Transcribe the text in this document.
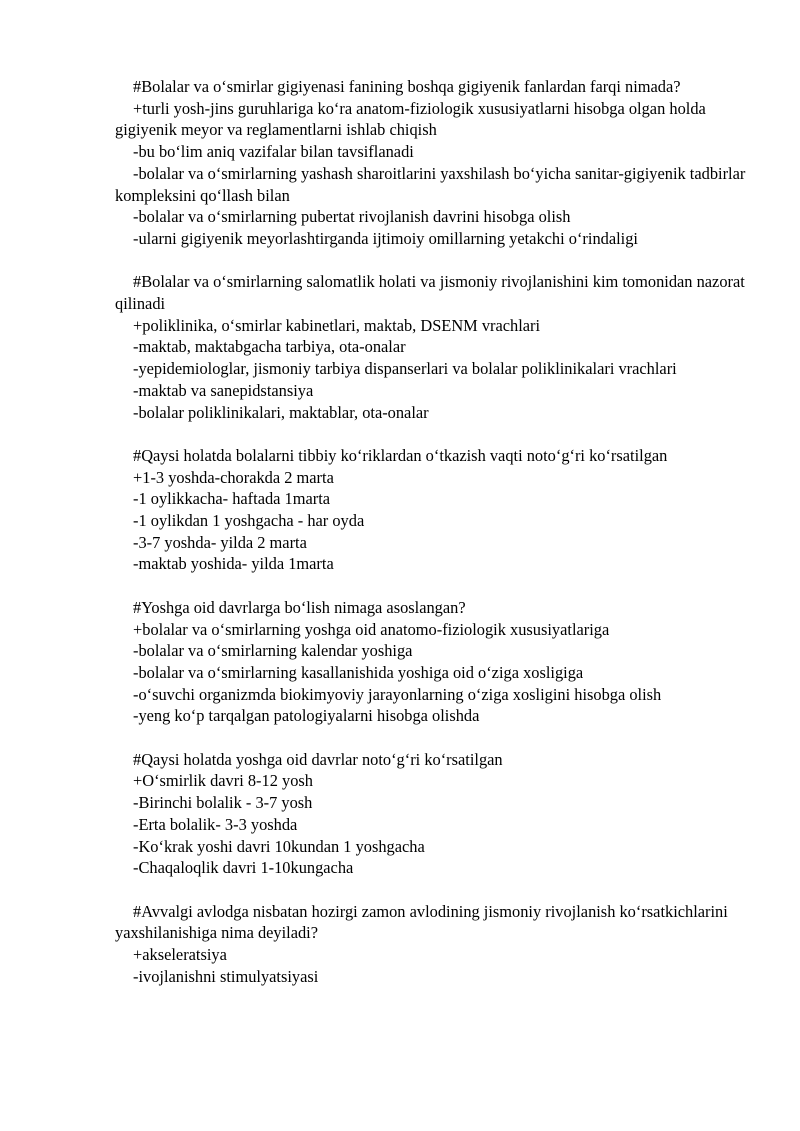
#Bolalar va o‘smirlar gigiyenasi fanining boshqa gigiyenik fanlardan farqi nimada?

+turli yosh-jins guruhlariga ko‘ra anatom-fiziologik xususiyatlarni hisobga olgan holda gigiyenik meyor va reglamentlarni ishlab chiqish

-bu bo‘lim aniq vazifalar bilan tavsiflanadi

-bolalar va o‘smirlarning yashash sharoitlarini yaxshilash bo‘yicha sanitar-gigiyenik tadbirlar kompleksini qo‘llash bilan

-bolalar va o‘smirlarning pubertat rivojlanish davrini hisobga olish

-ularni gigiyenik meyorlashtirganda ijtimoiy omillarning yetakchi o‘rindaligi

#Bolalar va o‘smirlarning salomatlik holati va jismoniy rivojlanishini kim tomonidan nazorat qilinadi

+poliklinika, o‘smirlar kabinetlari, maktab, DSENM vrachlari

-maktab, maktabgacha tarbiya, ota-onalar

-yepidemiologlar, jismoniy tarbiya dispanserlari va bolalar poliklinikalari vrachlari

-maktab va sanepidstansiya

-bolalar poliklinikalari, maktablar, ota-onalar

#Qaysi holatda bolalarni tibbiy ko‘riklardan o‘tkazish vaqti noto‘g‘ri ko‘rsatilgan

+1-3 yoshda-chorakda 2 marta

-1 oylikkacha- haftada 1marta

-1 oylikdan 1 yoshgacha - har oyda

-3-7 yoshda- yilda 2 marta

-maktab yoshida- yilda 1marta

#Yoshga oid davrlarga bo‘lish nimaga asoslangan?

+bolalar va o‘smirlarning yoshga oid anatomo-fiziologik xususiyatlariga

-bolalar va o‘smirlarning kalendar yoshiga

-bolalar va o‘smirlarning kasallanishida yoshiga oid o‘ziga xosligiga

-o‘suvchi organizmda biokimyoviy jarayonlarning o‘ziga xosligini hisobga olish

-yeng ko‘p tarqalgan patologiyalarni hisobga olishda

#Qaysi holatda yoshga oid davrlar noto‘g‘ri ko‘rsatilgan

+O‘smirlik davri 8-12 yosh

-Birinchi bolalik - 3-7 yosh

-Erta bolalik- 3-3 yoshda

-Ko‘krak yoshi davri 10kundan 1 yoshgacha

-Chaqaloqlik davri 1-10kungacha

#Avvalgi avlodga nisbatan hozirgi zamon avlodining jismoniy rivojlanish ko‘rsatkichlarini yaxshilanishiga nima deyiladi?

+akseleratsiya

-ivojlanishni stimulyatsiyasi
